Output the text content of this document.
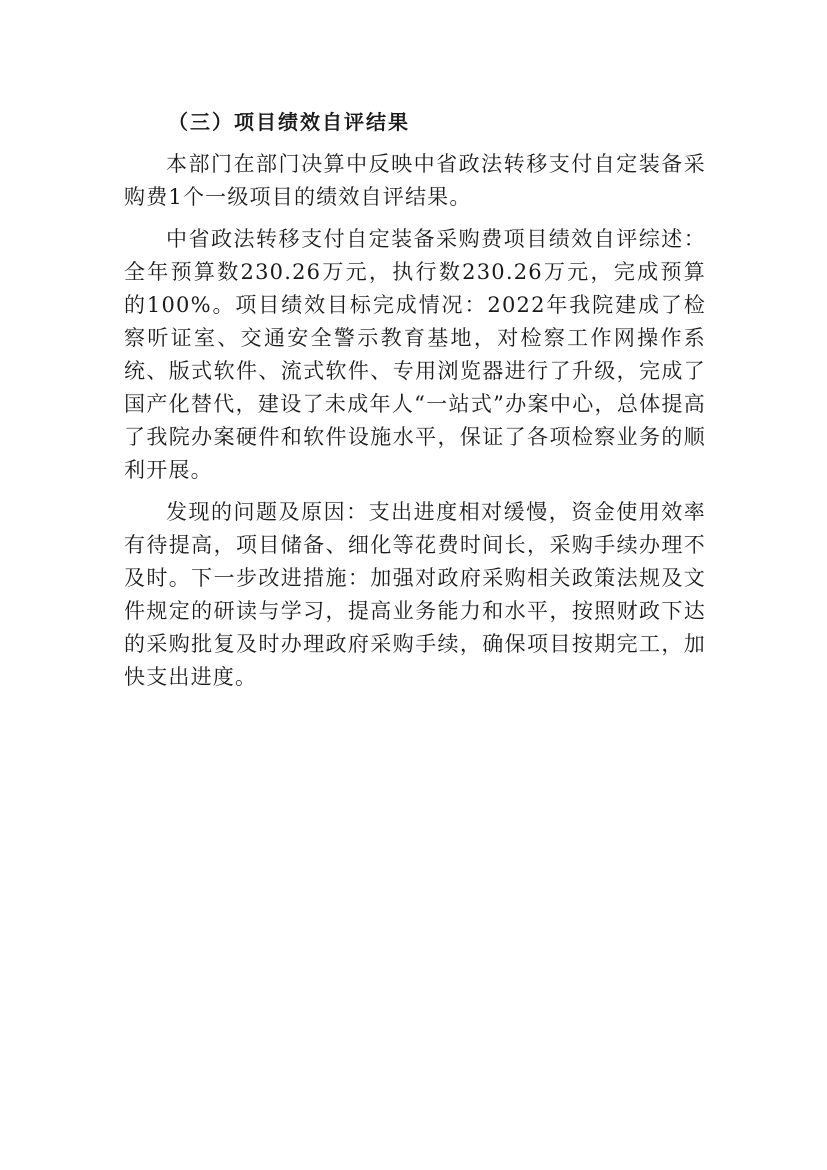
（三）项目绩效自评结果

本部门在部门决算中反映中省政法转移支付自定装备采购费1个一级项目的绩效自评结果。

中省政法转移支付自定装备采购费项目绩效自评综述：全年预算数230.26万元，执行数230.26万元，完成预算的100%。项目绩效目标完成情况：2022年我院建成了检察听证室、交通安全警示教育基地，对检察工作网操作系统、版式软件、流式软件、专用浏览器进行了升级，完成了国产化替代，建设了未成年人“一站式”办案中心，总体提高了我院办案硬件和软件设施水平，保证了各项检察业务的顺利开展。

发现的问题及原因：支出进度相对缓慢，资金使用效率有待提高，项目储备、细化等花费时间长，采购手续办理不及时。下一步改进措施：加强对政府采购相关政策法规及文件规定的研读与学习，提高业务能力和水平，按照财政下达的采购批复及时办理政府采购手续，确保项目按期完工，加快支出进度。
